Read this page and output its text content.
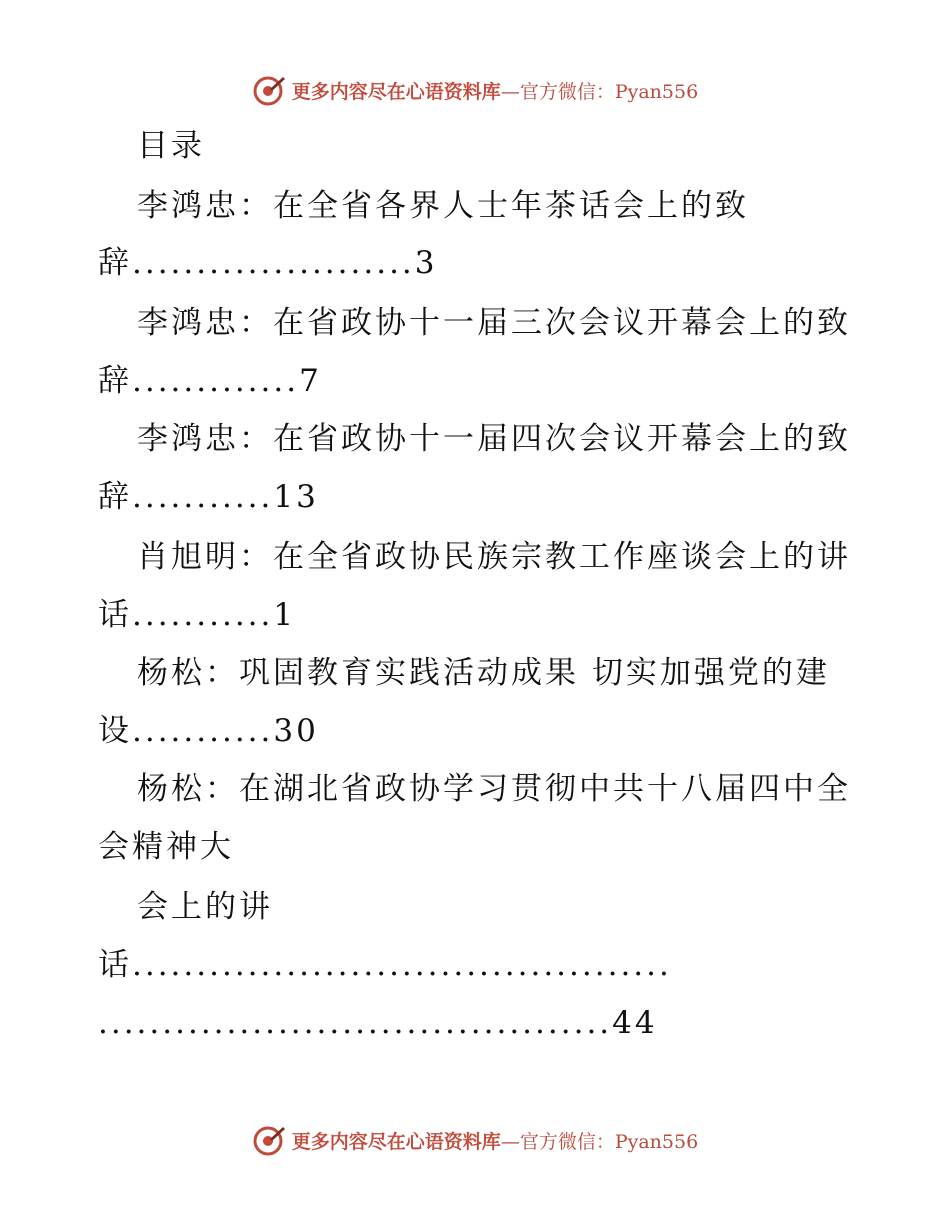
更多内容尽在心语资料库—官方微信：Pyan556
目录
李鸿忠：在全省各界人士年茶话会上的致
辞......................3
李鸿忠：在省政协十一届三次会议开幕会上的致
辞.............7
李鸿忠：在省政协十一届四次会议开幕会上的致
辞...........13
肖旭明：在全省政协民族宗教工作座谈会上的讲
话...........1
杨松：巩固教育实践活动成果 切实加强党的建
设...........30
杨松：在湖北省政协学习贯彻中共十八届四中全
会精神大
会上的讲
话..........................................
........................................44
更多内容尽在心语资料库—官方微信：Pyan556
